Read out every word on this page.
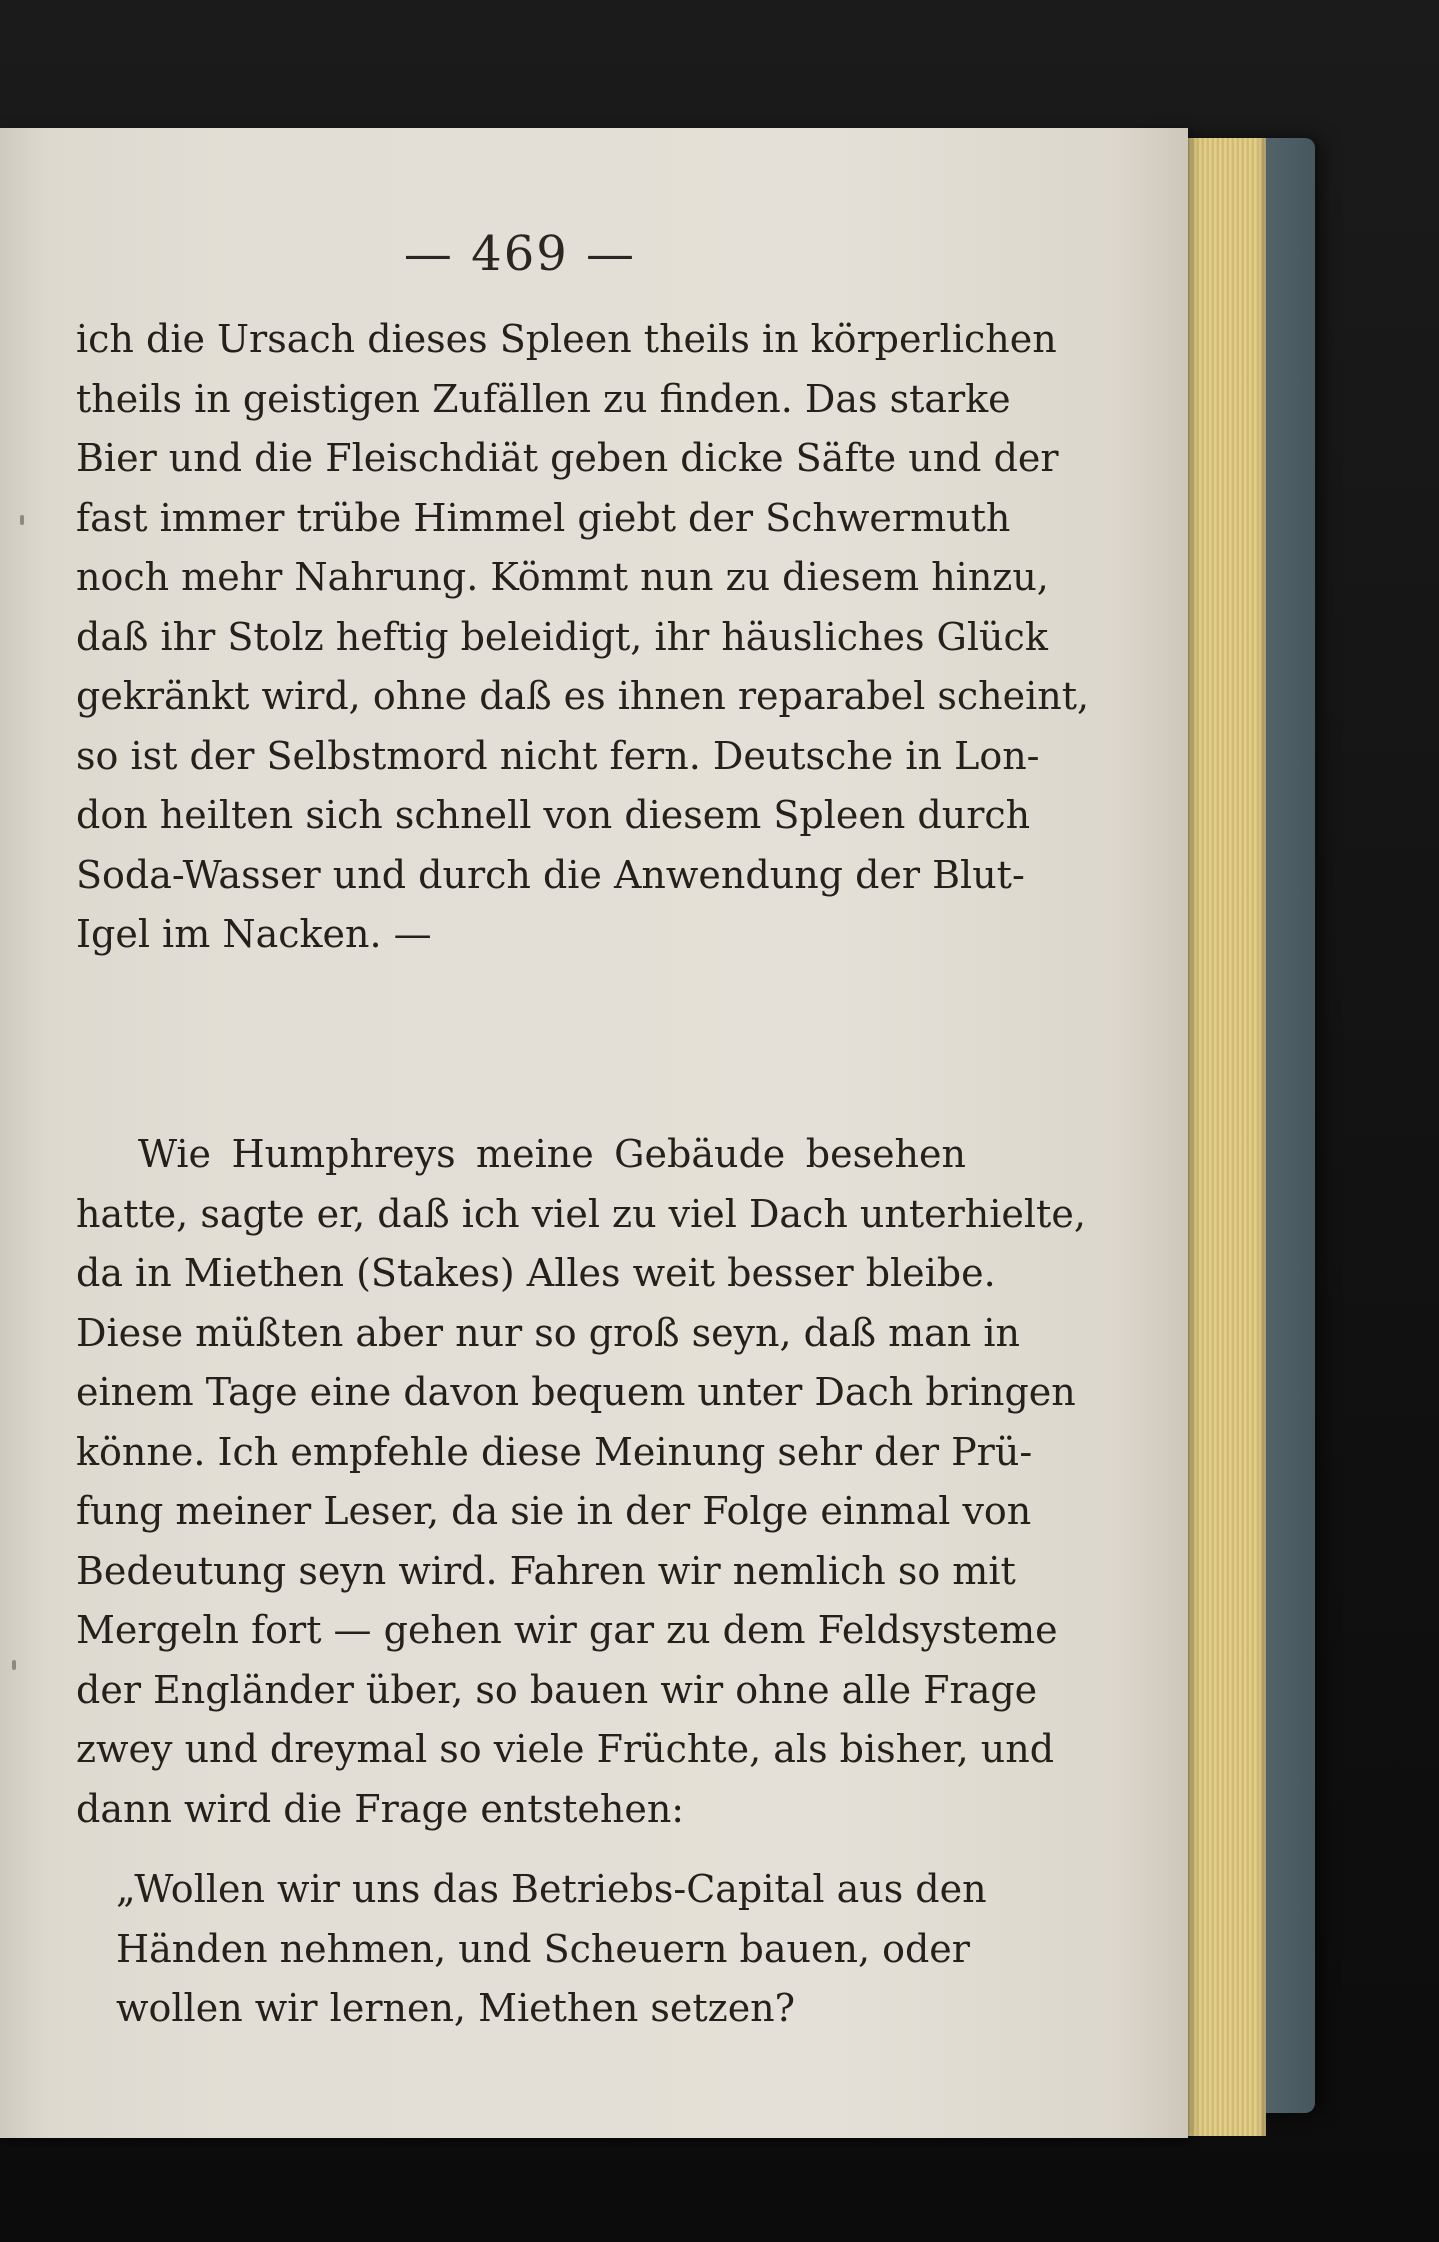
— 469 —
ich die Ursach dieses Spleen theils in körperlichen
theils in geistigen Zufällen zu finden. Das starke
Bier und die Fleischdiät geben dicke Säfte und der
fast immer trübe Himmel giebt der Schwermuth
noch mehr Nahrung. Kömmt nun zu diesem hinzu,
daß ihr Stolz heftig beleidigt, ihr häusliches Glück
gekränkt wird, ohne daß es ihnen reparabel scheint,
so ist der Selbstmord nicht fern. Deutsche in Lon-
don heilten sich schnell von diesem Spleen durch
Soda-Wasser und durch die Anwendung der Blut-
Igel im Nacken. —
Wie Humphreys meine Gebäude besehen
hatte, sagte er, daß ich viel zu viel Dach unterhielte,
da in Miethen (Stakes) Alles weit besser bleibe.
Diese müßten aber nur so groß seyn, daß man in
einem Tage eine davon bequem unter Dach bringen
könne. Ich empfehle diese Meinung sehr der Prü-
fung meiner Leser, da sie in der Folge einmal von
Bedeutung seyn wird. Fahren wir nemlich so mit
Mergeln fort — gehen wir gar zu dem Feldsysteme
der Engländer über, so bauen wir ohne alle Frage
zwey und dreymal so viele Früchte, als bisher, und
dann wird die Frage entstehen:
„Wollen wir uns das Betriebs-Capital aus den
Händen nehmen, und Scheuern bauen, oder
wollen wir lernen, Miethen setzen?
